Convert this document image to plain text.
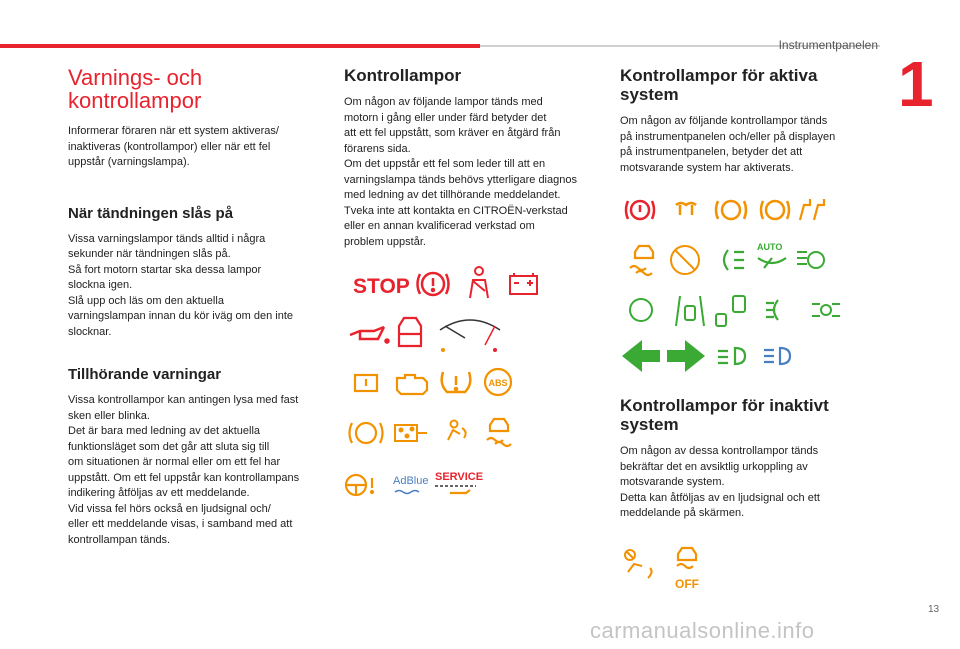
Instrumentpanelen
1
13
carmanualsonline.info
Varnings- och
kontrollampor

Informerar föraren när ett system aktiveras/
inaktiveras (kontrollampor) eller när ett fel
uppstår (varningslampa).

När tändningen slås på

Vissa varningslampor tänds alltid i några
sekunder när tändningen slås på.
Så fort motorn startar ska dessa lampor
slockna igen.
Slå upp och läs om den aktuella
varningslampan innan du kör iväg om den inte
slocknar.

Tillhörande varningar

Vissa kontrollampor kan antingen lysa med fast
sken eller blinka.
Det är bara med ledning av det aktuella
funktionsläget som det går att sluta sig till
om situationen är normal eller om ett fel har
uppstått. Om ett fel uppstår kan kontrollampans
indikering åtföljas av ett meddelande.
Vid vissa fel hörs också en ljudsignal och/
eller ett meddelande visas, i samband med att
kontrollampan tänds.

Kontrollampor

Om någon av följande lampor tänds med
motorn i gång eller under färd betyder det
att ett fel uppstått, som kräver en åtgärd från
förarens sida.
Om det uppstår ett fel som leder till att en
varningslampa tänds behövs ytterligare diagnos
med ledning av det tillhörande meddelandet.
Tveka inte att kontakta en CITROËN-verkstad
eller en annan kvalificerad verkstad om
problem uppstår.

STOP
ABS
AdBlue SERVICE
Kontrollampor för aktiva
system

Om någon av följande kontrollampor tänds
på instrumentpanelen och/eller på displayen
på instrumentpanelen, betyder det att
motsvarande system har aktiverats.

AUTO
Kontrollampor för inaktivt
system

Om någon av dessa kontrollampor tänds
bekräftar det en avsiktlig urkoppling av
motsvarande system.
Detta kan åtföljas av en ljudsignal och ett
meddelande på skärmen.

OFF
